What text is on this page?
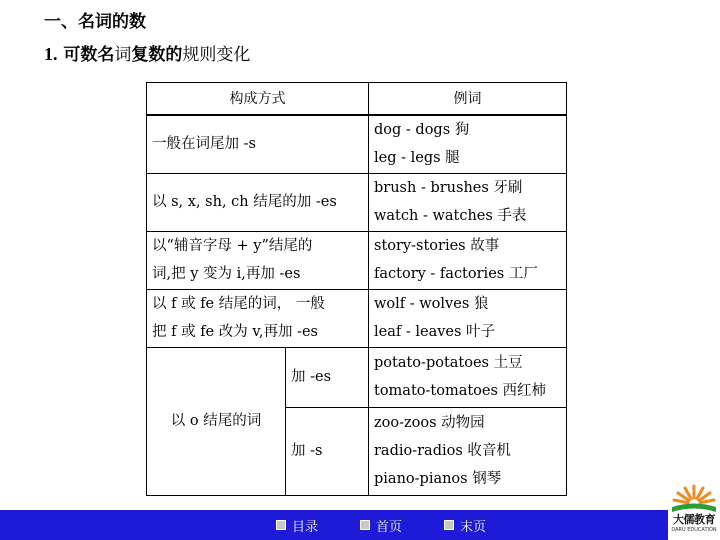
一、名词的数
1. 可数名词复数的规则变化
构成方式		例词

一般在词尾加 -s		dog - dogs 狗
leg - legs 腿

以 s, x, sh, ch 结尾的加 -es		brush - brushes 牙刷
watch - watches 手表

以“辅音字母 + y”结尾的
词,把 y 变为 i,再加 -es		story-stories 故事
factory - factories 工厂

以 f 或 fe 结尾的词， 一般
把 f 或 fe 改为 v,再加 -es		wolf - wolves 狼
leaf - leaves 叶子

以 o 结尾的词	加 -es	potato-potatoes 土豆
tomato-tomatoes 西红柿

	加 -s	zoo-zoos 动物园
radio-radios 收音机
piano-pianos 钢琴
目录	首页	末页	大儒教育
DARU EDUCATION
